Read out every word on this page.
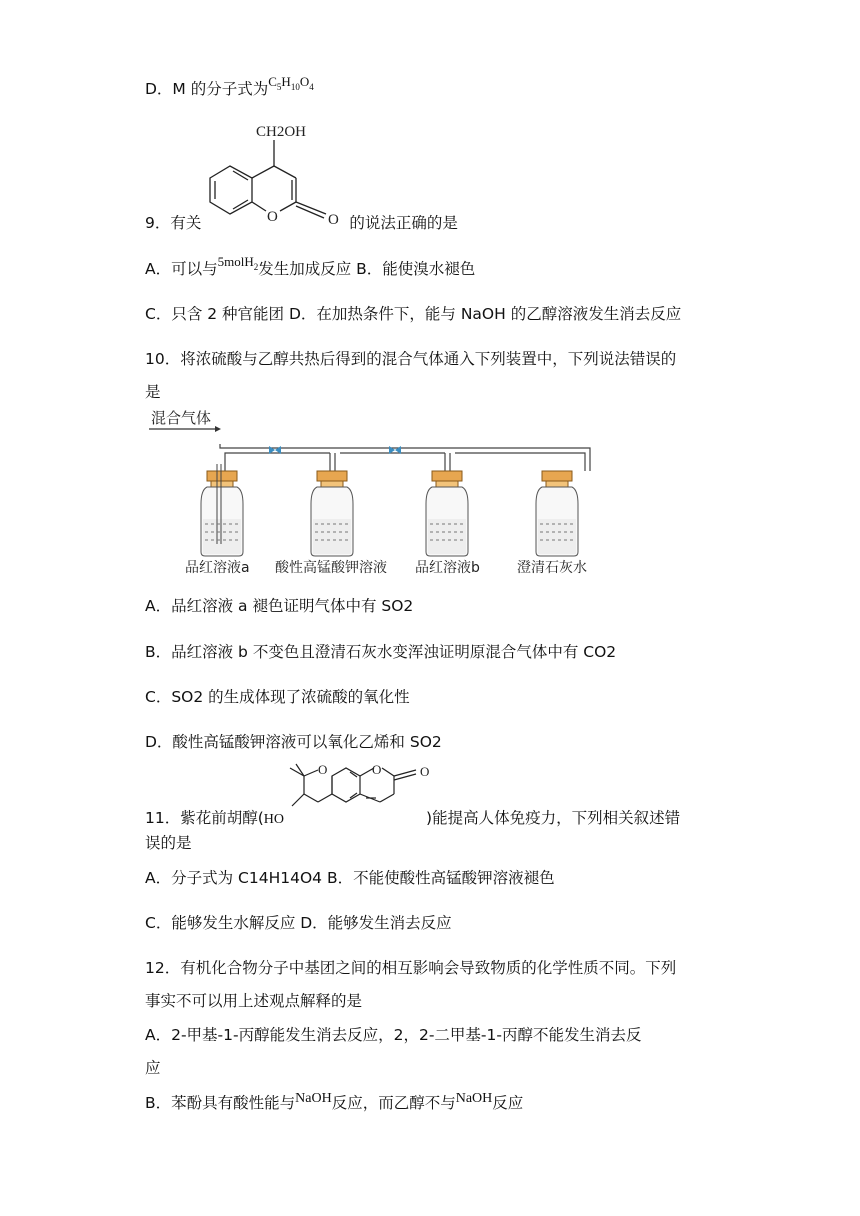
D．M 的分子式为$^{C_5H_{10}O_4}$
CH2OH
O	O
9．有关	的说法正确的是
A．可以与$^{5molH_2}$发生加成反应 B．能使溴水褪色
C．只含 2 种官能团 D．在加热条件下，能与 NaOH 的乙醇溶液发生消去反应
10．将浓硫酸与乙醇共热后得到的混合气体通入下列装置中，下列说法错误的
是
混合气体
品红溶液a 酸性高锰酸钾溶液 品红溶液b	澄清石灰水
A．品红溶液 a 褪色证明气体中有 SO2
B．品红溶液 b 不变色且澄清石灰水变浑浊证明原混合气体中有 CO2
C．SO2 的生成体现了浓硫酸的氧化性
D．酸性高锰酸钾溶液可以氧化乙烯和 SO2
O	O	O
11．紫花前胡醇(HO	)能提高人体免疫力，下列相关叙述错
误的是
A．分子式为 C14H14O4 B．不能使酸性高锰酸钾溶液褪色
C．能够发生水解反应 D．能够发生消去反应
12．有机化合物分子中基团之间的相互影响会导致物质的化学性质不同。下列
事实不可以用上述观点解释的是
A．2-甲基-1-丙醇能发生消去反应，2，2-二甲基-1-丙醇不能发生消去反
应
B．苯酚具有酸性能与NaOH反应，而乙醇不与NaOH反应
